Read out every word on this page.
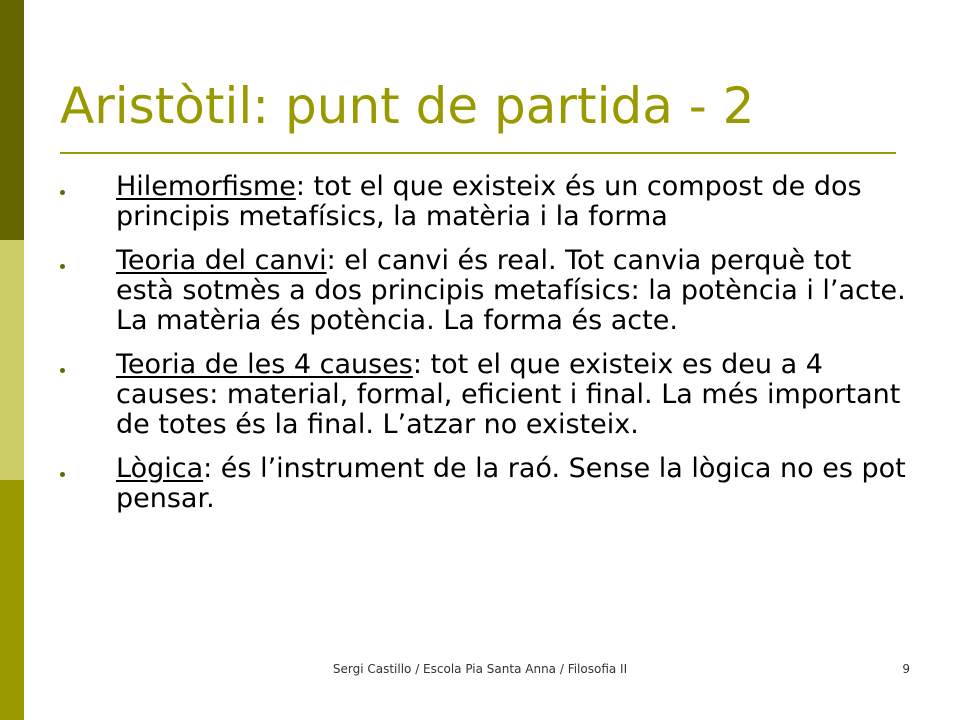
Aristòtil: punt de partida - 2
Hilemorfisme: tot el que existeix és un compost de dos principis metafísics, la matèria i la forma
Teoria del canvi: el canvi és real. Tot canvia perquè tot està sotmès a dos principis metafísics: la potència i l’acte. La matèria és potència. La forma és acte.
Teoria de les 4 causes: tot el que existeix es deu a 4 causes: material, formal, eficient i final. La més important de totes és la final. L’atzar no existeix.
Lògica: és l’instrument de la raó. Sense la lògica no es pot pensar.
Sergi Castillo / Escola Pia Santa Anna / Filosofia II	9
